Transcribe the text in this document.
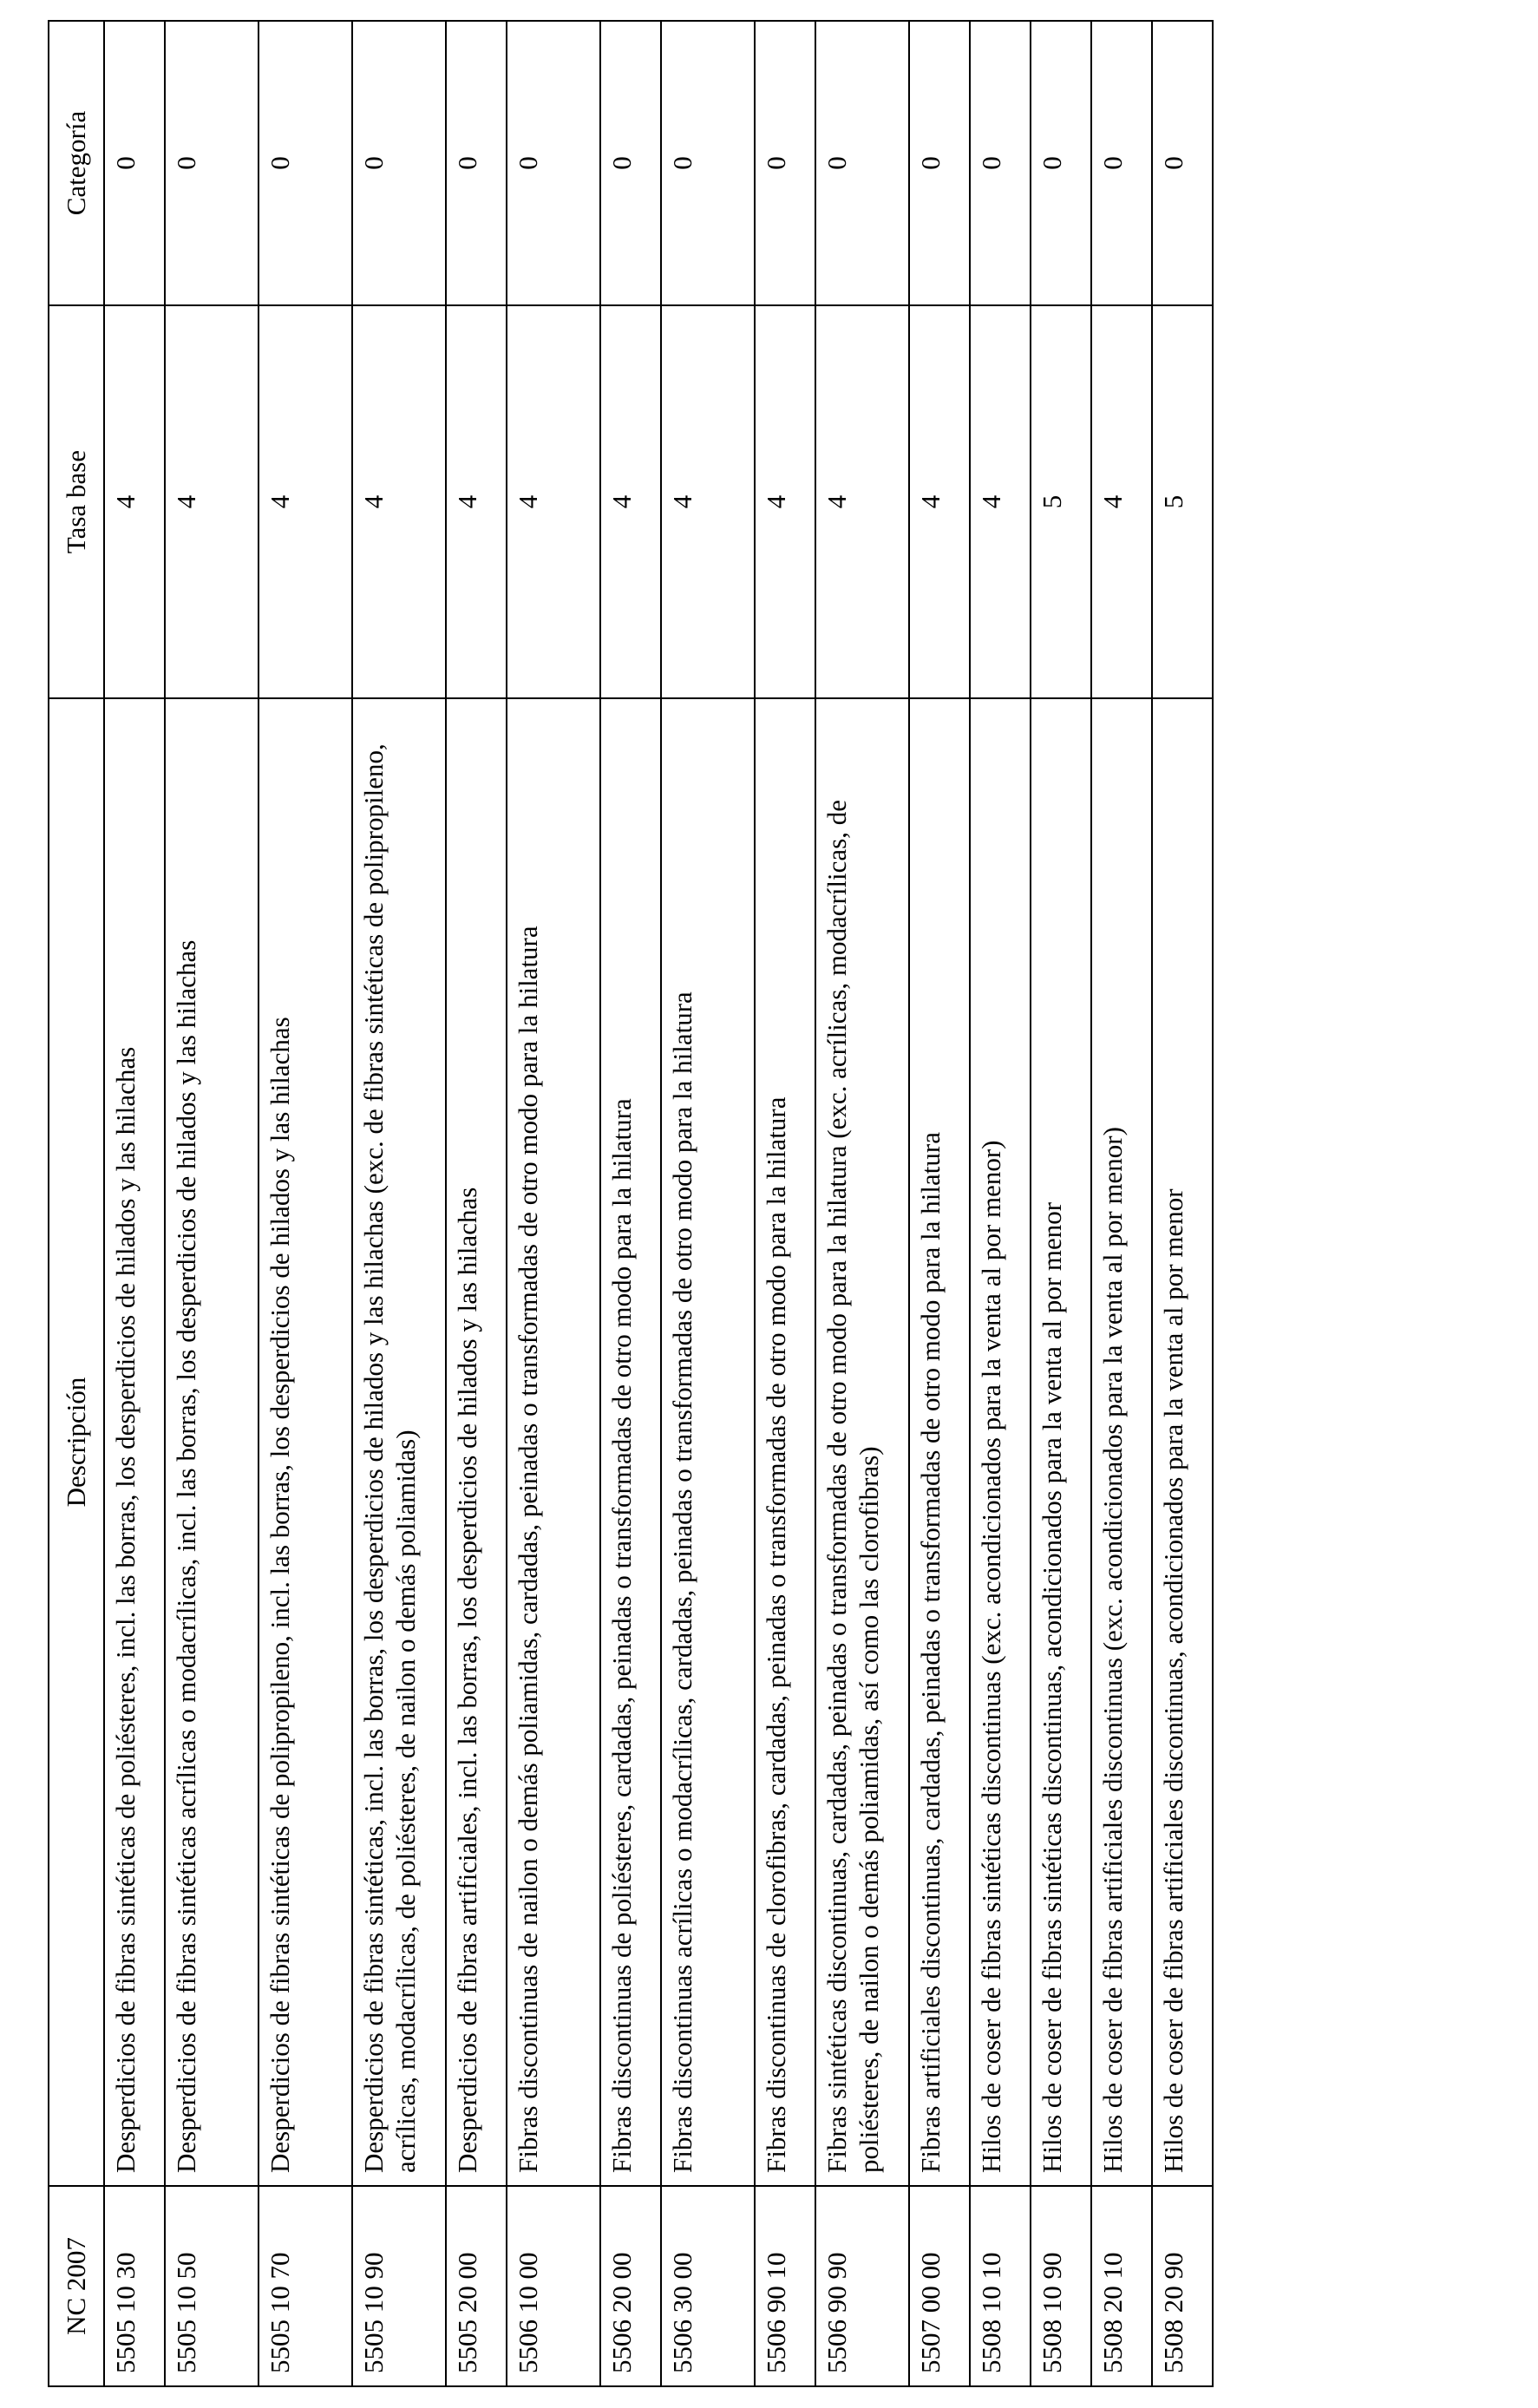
NC 2007	Descripción	Tasa base	Categoría
5505 10 30	Desperdicios de fibras sintéticas de poliésteres, incl. las borras, los desperdicios de hilados y las hilachas	4	0
5505 10 50	Desperdicios de fibras sintéticas acrílicas o modacrílicas, incl. las borras, los desperdicios de hilados y las hilachas	4	0
5505 10 70	Desperdicios de fibras sintéticas de polipropileno, incl. las borras, los desperdicios de hilados y las hilachas	4	0
5505 10 90	Desperdicios de fibras sintéticas, incl. las borras, los desperdicios de hilados y las hilachas (exc. de fibras sintéticas de polipropileno, acrílicas, modacrílicas, de poliésteres, de nailon o demás poliamidas)	4	0
5505 20 00	Desperdicios de fibras artificiales, incl. las borras, los desperdicios de hilados y las hilachas	4	0
5506 10 00	Fibras discontinuas de nailon o demás poliamidas, cardadas, peinadas o transformadas de otro modo para la hilatura	4	0
5506 20 00	Fibras discontinuas de poliésteres, cardadas, peinadas o transformadas de otro modo para la hilatura	4	0
5506 30 00	Fibras discontinuas acrílicas o modacrílicas, cardadas, peinadas o transformadas de otro modo para la hilatura	4	0
5506 90 10	Fibras discontinuas de clorofibras, cardadas, peinadas o transformadas de otro modo para la hilatura	4	0
5506 90 90	Fibras sintéticas discontinuas, cardadas, peinadas o transformadas de otro modo para la hilatura (exc. acrílicas, modacrílicas, de poliésteres, de nailon o demás poliamidas, así como las clorofibras)	4	0
5507 00 00	Fibras artificiales discontinuas, cardadas, peinadas o transformadas de otro modo para la hilatura	4	0
5508 10 10	Hilos de coser de fibras sintéticas discontinuas (exc. acondicionados para la venta al por menor)	4	0
5508 10 90	Hilos de coser de fibras sintéticas discontinuas, acondicionados para la venta al por menor	5	0
5508 20 10	Hilos de coser de fibras artificiales discontinuas (exc. acondicionados para la venta al por menor)	4	0
5508 20 90	Hilos de coser de fibras artificiales discontinuas, acondicionados para la venta al por menor	5	0
